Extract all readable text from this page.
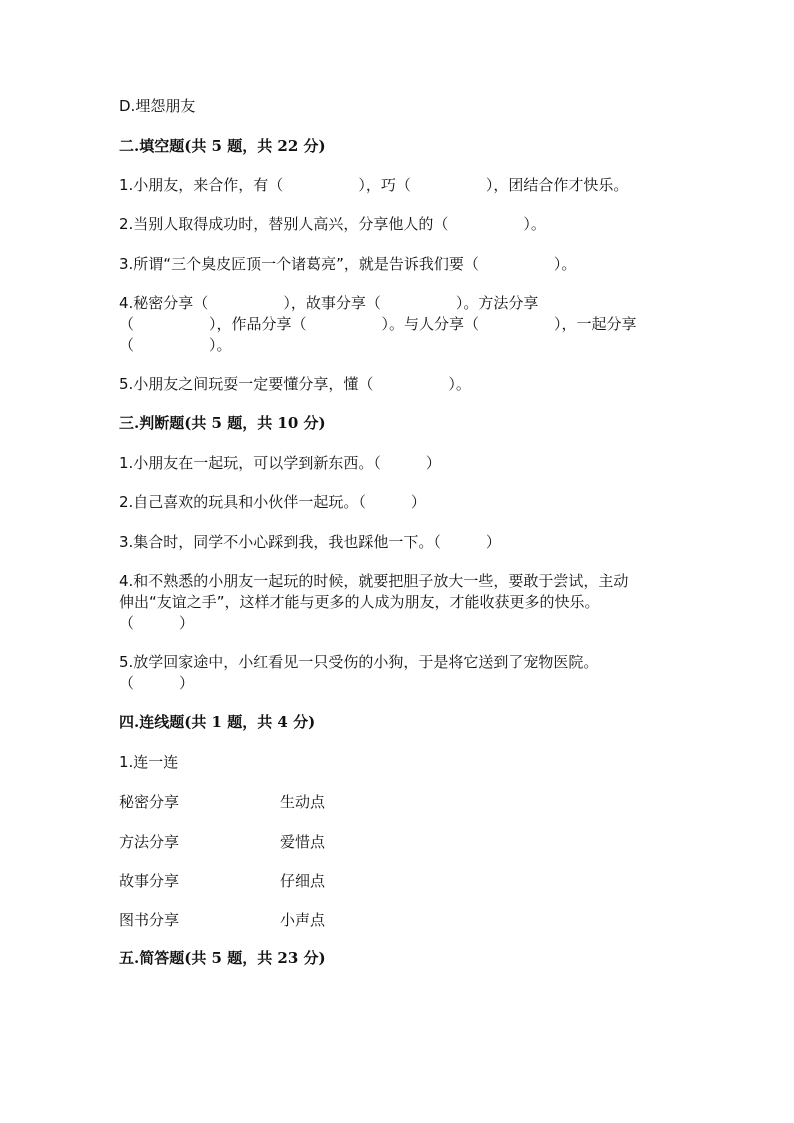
D.埋怨朋友
二.填空题(共 5 题，共 22 分)
1.小朋友，来合作，有（　　　　　），巧（　　　　　），团结合作才快乐。
2.当别人取得成功时，替别人高兴，分享他人的（　　　　　）。
3.所谓“三个臭皮匠顶一个诸葛亮”，就是告诉我们要（　　　　　）。
4.秘密分享（　　　　　），故事分享（　　　　　）。方法分享
（　　　　　），作品分享（　　　　　）。与人分享（　　　　　），一起分享
（　　　　　）。
5.小朋友之间玩耍一定要懂分享，懂（　　　　　）。
三.判断题(共 5 题，共 10 分)
1.小朋友在一起玩，可以学到新东西。（　　　）
2.自己喜欢的玩具和小伙伴一起玩。（　　　）
3.集合时，同学不小心踩到我，我也踩他一下。（　　　）
4.和不熟悉的小朋友一起玩的时候，就要把胆子放大一些，要敢于尝试，主动
伸出“友谊之手”，这样才能与更多的人成为朋友，才能收获更多的快乐。
（　　　）
5.放学回家途中，小红看见一只受伤的小狗，于是将它送到了宠物医院。
（　　　）
四.连线题(共 1 题，共 4 分)
1.连一连
秘密分享	生动点
方法分享	爱惜点
故事分享	仔细点
图书分享	小声点
五.简答题(共 5 题，共 23 分)
